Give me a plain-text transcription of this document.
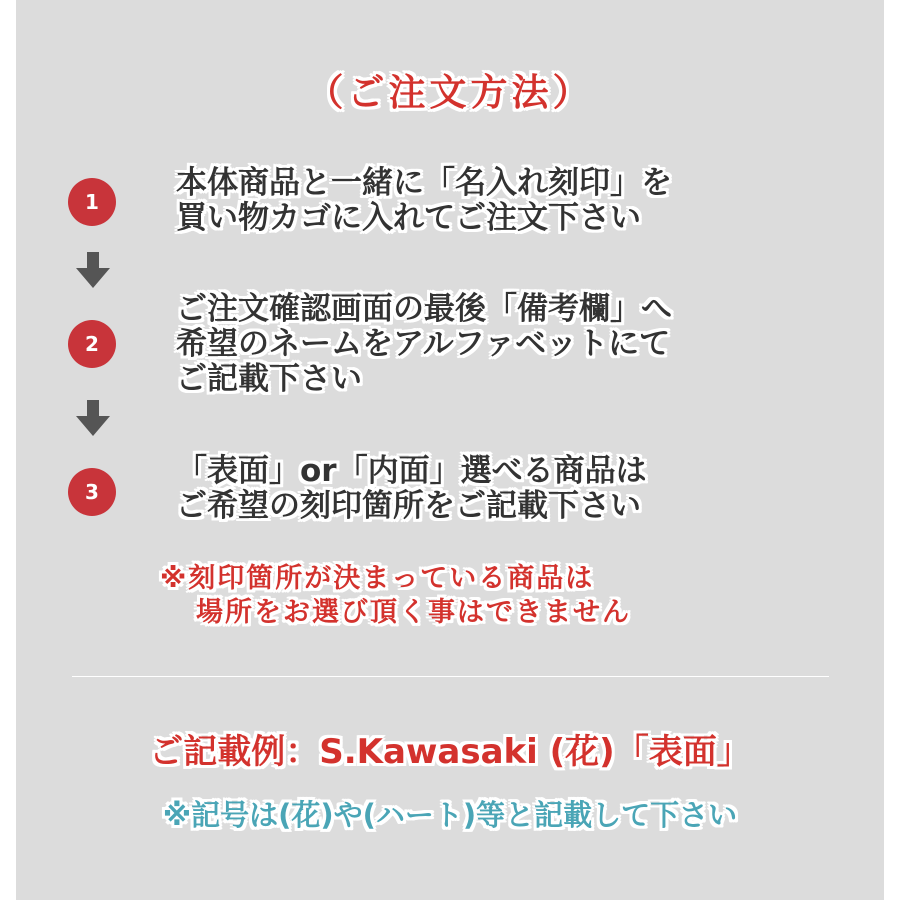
（ご注文方法）
1
本体商品と一緒に「名入れ刻印」を
買い物カゴに入れてご注文下さい
2
ご注文確認画面の最後「備考欄」へ
希望のネームをアルファベットにて
ご記載下さい
3
「表面」or「内面」選べる商品は
ご希望の刻印箇所をご記載下さい
※刻印箇所が決まっている商品は
場所をお選び頂く事はできません
ご記載例：S.Kawasaki (花)「表面」
※記号は(花)や(ハート)等と記載して下さい
